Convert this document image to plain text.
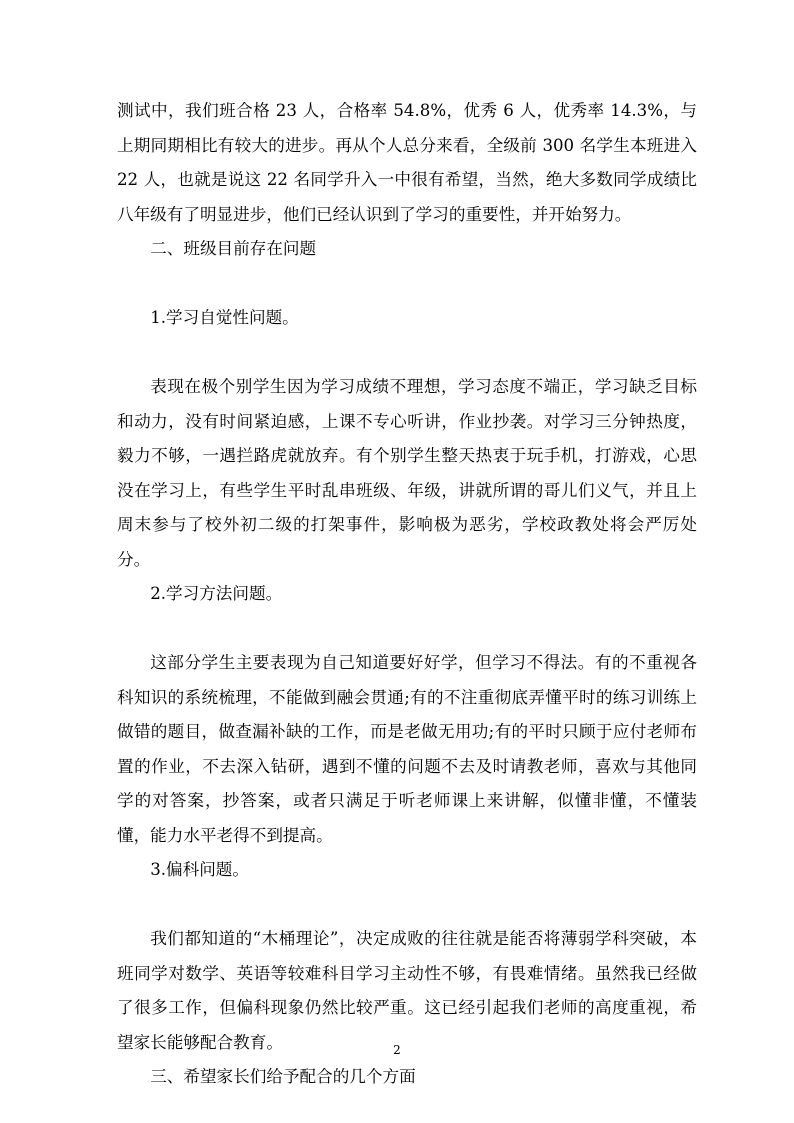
测试中，我们班合格 23 人，合格率 54.8%，优秀 6 人，优秀率 14.3%，与上期同期相比有较大的进步。再从个人总分来看，全级前 300 名学生本班进入 22 人，也就是说这 22 名同学升入一中很有希望，当然，绝大多数同学成绩比八年级有了明显进步，他们已经认识到了学习的重要性，并开始努力。

二、班级目前存在问题

1.学习自觉性问题。

表现在极个别学生因为学习成绩不理想，学习态度不端正，学习缺乏目标和动力，没有时间紧迫感，上课不专心听讲，作业抄袭。对学习三分钟热度，毅力不够，一遇拦路虎就放弃。有个别学生整天热衷于玩手机，打游戏，心思没在学习上，有些学生平时乱串班级、年级，讲就所谓的哥儿们义气，并且上周末参与了校外初二级的打架事件，影响极为恶劣，学校政教处将会严厉处分。

2.学习方法问题。

这部分学生主要表现为自己知道要好好学，但学习不得法。有的不重视各科知识的系统梳理，不能做到融会贯通;有的不注重彻底弄懂平时的练习训练上做错的题目，做查漏补缺的工作，而是老做无用功;有的平时只顾于应付老师布置的作业，不去深入钻研，遇到不懂的问题不去及时请教老师，喜欢与其他同学的对答案，抄答案，或者只满足于听老师课上来讲解，似懂非懂，不懂装懂，能力水平老得不到提高。

3.偏科问题。

我们都知道的“木桶理论”，决定成败的往往就是能否将薄弱学科突破，本班同学对数学、英语等较难科目学习主动性不够，有畏难情绪。虽然我已经做了很多工作，但偏科现象仍然比较严重。这已经引起我们老师的高度重视，希望家长能够配合教育。

三、希望家长们给予配合的几个方面

2
